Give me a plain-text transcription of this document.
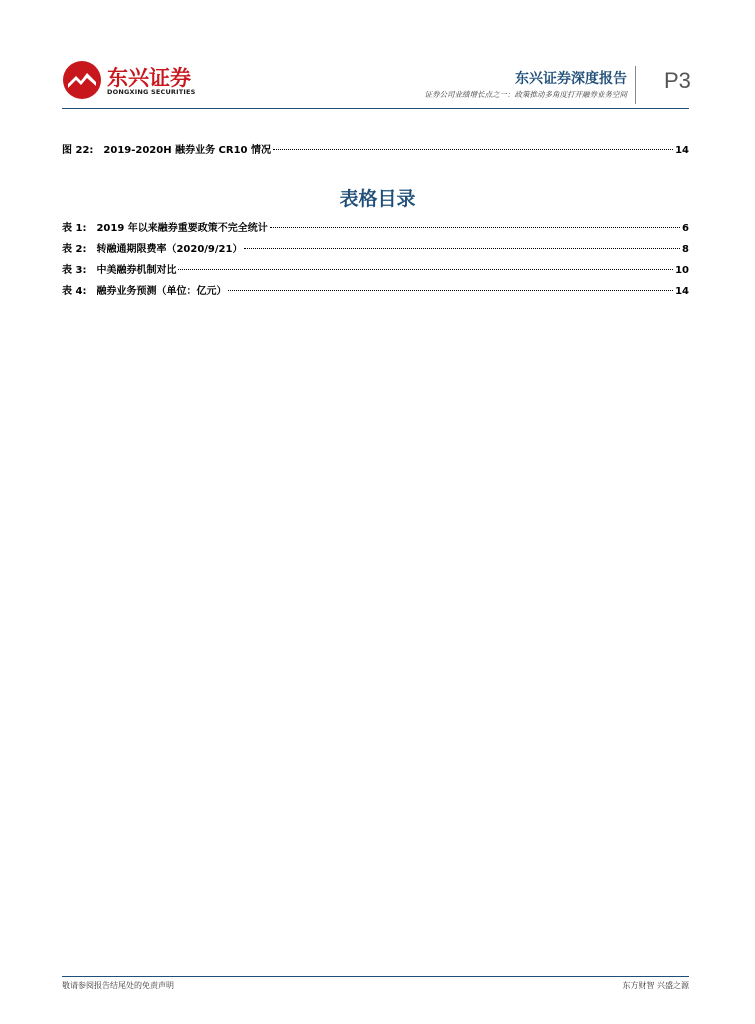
东兴证券
DONGXING SECURITIES
东兴证券深度报告
证券公司业绩增长点之一：政策推动多角度打开融券业务空间
P3
图 22: 2019-2020H 融券业务 CR10 情况	14
表格目录
表 1: 2019 年以来融券重要政策不完全统计	6
表 2: 转融通期限费率（2020/9/21）	8
表 3: 中美融券机制对比	10
表 4: 融券业务预测（单位：亿元）	14
敬请参阅报告结尾处的免责声明	东方财智 兴盛之源
